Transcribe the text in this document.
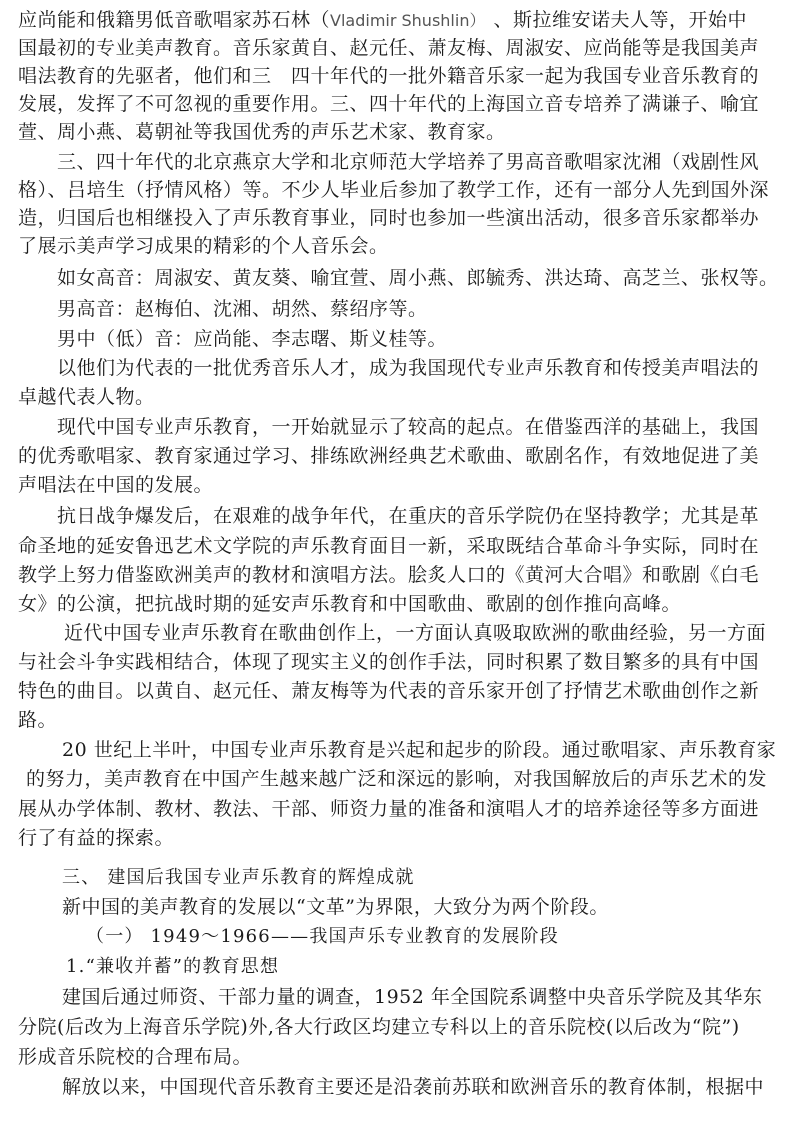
应尚能和俄籍男低音歌唱家苏石林（Vladimir Shushlin） 、斯拉维安诺夫人等，开始中
国最初的专业美声教育。音乐家黄自、赵元任、萧友梅、周淑安、应尚能等是我国美声
唱法教育的先驱者，他们和三　四十年代的一批外籍音乐家一起为我国专业音乐教育的
发展，发挥了不可忽视的重要作用。三、四十年代的上海国立音专培养了满谦子、喻宜
萱、周小燕、葛朝祉等我国优秀的声乐艺术家、教育家。
三、四十年代的北京燕京大学和北京师范大学培养了男高音歌唱家沈湘（戏剧性风
格）、吕培生（抒情风格）等。不少人毕业后参加了教学工作，还有一部分人先到国外深
造，归国后也相继投入了声乐教育事业，同时也参加一些演出活动，很多音乐家都举办
了展示美声学习成果的精彩的个人音乐会。
如女高音：周淑安、黄友葵、喻宜萱、周小燕、郎毓秀、洪达琦、高芝兰、张权等。
男高音：赵梅伯、沈湘、胡然、蔡绍序等。
男中（低）音：应尚能、李志曙、斯义桂等。
以他们为代表的一批优秀音乐人才，成为我国现代专业声乐教育和传授美声唱法的
卓越代表人物。
现代中国专业声乐教育，一开始就显示了较高的起点。在借鉴西洋的基础上，我国
的优秀歌唱家、教育家通过学习、排练欧洲经典艺术歌曲、歌剧名作，有效地促进了美
声唱法在中国的发展。
抗日战争爆发后，在艰难的战争年代，在重庆的音乐学院仍在坚持教学；尤其是革
命圣地的延安鲁迅艺术文学院的声乐教育面目一新，采取既结合革命斗争实际，同时在
教学上努力借鉴欧洲美声的教材和演唱方法。脍炙人口的《黄河大合唱》和歌剧《白毛
女》的公演，把抗战时期的延安声乐教育和中国歌曲、歌剧的创作推向高峰。
近代中国专业声乐教育在歌曲创作上，一方面认真吸取欧洲的歌曲经验，另一方面
与社会斗争实践相结合，体现了现实主义的创作手法，同时积累了数目繁多的具有中国
特色的曲目。以黄自、赵元任、萧友梅等为代表的音乐家开创了抒情艺术歌曲创作之新
路。
20 世纪上半叶，中国专业声乐教育是兴起和起步的阶段。通过歌唱家、声乐教育家
的努力，美声教育在中国产生越来越广泛和深远的影响，对我国解放后的声乐艺术的发
展从办学体制、教材、教法、干部、师资力量的准备和演唱人才的培养途径等多方面进
行了有益的探索。
三、 建国后我国专业声乐教育的辉煌成就
新中国的美声教育的发展以“文革”为界限，大致分为两个阶段。
（一） 1949～1966——我国声乐专业教育的发展阶段
1.“兼收并蓄”的教育思想
建国后通过师资、干部力量的调查，1952 年全国院系调整中央音乐学院及其华东
分院(后改为上海音乐学院)外,各大行政区均建立专科以上的音乐院校(以后改为“院”)
形成音乐院校的合理布局。
解放以来，中国现代音乐教育主要还是沿袭前苏联和欧洲音乐的教育体制，根据中
